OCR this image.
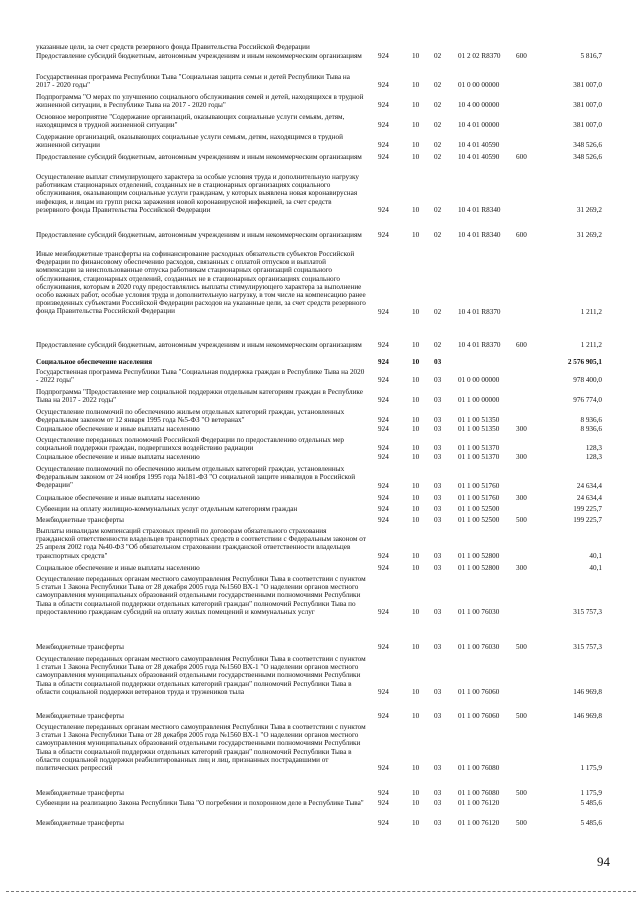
указанные цели, за счет средств резервного фонда Правительства Российской Федерации
Предоставление субсидий бюджетным, автономным учреждениям и иным некоммерческим организациям	924	10 02 01 2 02 R8370 600	5 816,7
Государственная программа Республики Тыва "Социальная защита семьи и детей Республики Тыва на 2017 - 2020 годы"	924	10 02 01 0 00 00000	381 007,0
Подпрограмма "О мерах по улучшению социального обслуживания семей и детей, находящихся в трудной жизненной ситуации, в Республике Тыва на 2017 - 2020 годы"	924	10 02 10 4 00 00000	381 007,0
Основное мероприятие "Содержание организаций, оказывающих социальные услуги семьям, детям, находящимся в трудной жизненной ситуации"	924	10 02 10 4 01 00000	381 007,0
Содержание организаций, оказывающих социальные услуги семьям, детям, находящимся в трудной жизненной ситуации	924	10 02 10 4 01 40590	348 526,6
Предоставление субсидий бюджетным, автономным учреждениям и иным некоммерческим организациям	924	10 02 10 4 01 40590 600	348 526,6
Осуществление выплат стимулирующего характера за особые условия труда и дополнительную нагрузку работникам стационарных отделений, созданных не в стационарных организациях социального обслуживания, оказывающим социальные услуги гражданам, у которых выявлена новая коронавирусная инфекция, и лицам из групп риска заражения новой коронавирусной инфекцией, за счет средств резервного фонда Правительства Российской Федерации	924	10 02 10 4 01 R8340	31 269,2
Предоставление субсидий бюджетным, автономным учреждениям и иным некоммерческим организациям	924	10 02 10 4 01 R8340 600	31 269,2
Иные межбюджетные трансферты на софинансирование расходных обязательств субъектов Российской Федерации по финансовому обеспечению расходов, связанных с оплатой отпусков и выплатой компенсации за неиспользованные отпуска работникам стационарных организаций социального обслуживания, стационарных отделений, созданных не в стационарных организациях социального обслуживания, которым в 2020 году предоставлялись выплаты стимулирующего характера за выполнение особо важных работ, особые условия труда и дополнительную нагрузку, в том числе на компенсацию ранее произведенных субъектами Российской Федерации расходов на указанные цели, за счет средств резервного фонда Правительства Российской Федерации	924	10 02 10 4 01 R8370	1 211,2
Предоставление субсидий бюджетным, автономным учреждениям и иным некоммерческим организациям	924	10 02 10 4 01 R8370 600	1 211,2
Социальное обеспечение населения	924	10 03	2 576 905,1
Государственная программа Республики Тыва "Социальная поддержка граждан в Республике Тыва на 2020 - 2022 годы"	924	10 03 01 0 00 00000	978 400,0
Подпрограмма "Предоставление мер социальной поддержки отдельным категориям граждан в Республике Тыва на 2017 - 2022 годы"	924	10 03 01 1 00 00000	976 774,0
Осуществление полномочий по обеспечению жильем отдельных категорий граждан, установленных Федеральным законом от 12 января 1995 года №5-ФЗ "О ветеранах"	924	10 03 01 1 00 51350	8 936,6
Социальное обеспечение и иные выплаты населению	924	10 03 01 1 00 51350 300	8 936,6
Осуществление переданных полномочий Российской Федерации по предоставлению отдельных мер социальной поддержки граждан, подвергшихся воздействию радиации	924	10 03 01 1 00 51370	128,3
Социальное обеспечение и иные выплаты населению	924	10 03 01 1 00 51370 300	128,3
Осуществление полномочий по обеспечению жильем отдельных категорий граждан, установленных Федеральным законом от 24 ноября 1995 года №181-ФЗ "О социальной защите инвалидов в Российской Федерации"	924	10 03 01 1 00 51760	24 634,4
Социальное обеспечение и иные выплаты населению	924	10 03 01 1 00 51760 300	24 634,4
Субвенции на оплату жилищно-коммунальных услуг отдельным категориям граждан	924	10 03 01 1 00 52500	199 225,7
Межбюджетные трансферты	924	10 03 01 1 00 52500 500	199 225,7
Выплаты инвалидам компенсаций страховых премий по договорам обязательного страхования гражданской ответственности владельцев транспортных средств в соответствии с Федеральным законом от 25 апреля 2002 года №40-ФЗ "Об обязательном страховании гражданской ответственности владельцев транспортных средств"	924	10 03 01 1 00 52800	40,1
Социальное обеспечение и иные выплаты населению	924	10 03 01 1 00 52800 300	40,1
Осуществление переданных органам местного самоуправления Республики Тыва в соответствии с пунктом 5 статьи 1 Закона Республики Тыва от 28 декабря 2005 года №1560 ВХ-1 "О наделении органов местного самоуправления муниципальных образований отдельными государственными полномочиями Республики Тыва в области социальной поддержки отдельных категорий граждан" полномочий Республики Тыва по предоставлению гражданам субсидий на оплату жилых помещений и коммунальных услуг	924	10 03 01 1 00 76030	315 757,3
Межбюджетные трансферты	924	10 03 01 1 00 76030 500	315 757,3
Осуществление переданных органам местного самоуправления Республики Тыва в соответствии с пунктом 1 статьи 1 Закона Республики Тыва от 28 декабря 2005 года №1560 ВХ-1 "О наделении органов местного самоуправления муниципальных образований отдельными государственными полномочиями Республики Тыва в области социальной поддержки отдельных категорий граждан" полномочий Республики Тыва в области социальной поддержки ветеранов труда и тружеников тыла	924	10 03 01 1 00 76060	146 969,8
Межбюджетные трансферты	924	10 03 01 1 00 76060 500	146 969,8
Осуществление переданных органам местного самоуправления Республики Тыва в соответствии с пунктом 3 статьи 1 Закона Республики Тыва от 28 декабря 2005 года №1560 ВХ-1 "О наделении органов местного самоуправления муниципальных образований отдельными государственными полномочиями Республики Тыва в области социальной поддержки отдельных категорий граждан" полномочий Республики Тыва в области социальной поддержки реабилитированных лиц и лиц, признанных пострадавшими от политических репрессий	924	10 03 01 1 00 76080	1 175,9
Межбюджетные трансферты	924	10 03 01 1 00 76080 500	1 175,9
Субвенции на реализацию Закона Республики Тыва "О погребении и похоронном деле в Республике Тыва"	924	10 03 01 1 00 76120	5 485,6
Межбюджетные трансферты	924	10 03 01 1 00 76120 500	5 485,6
94
